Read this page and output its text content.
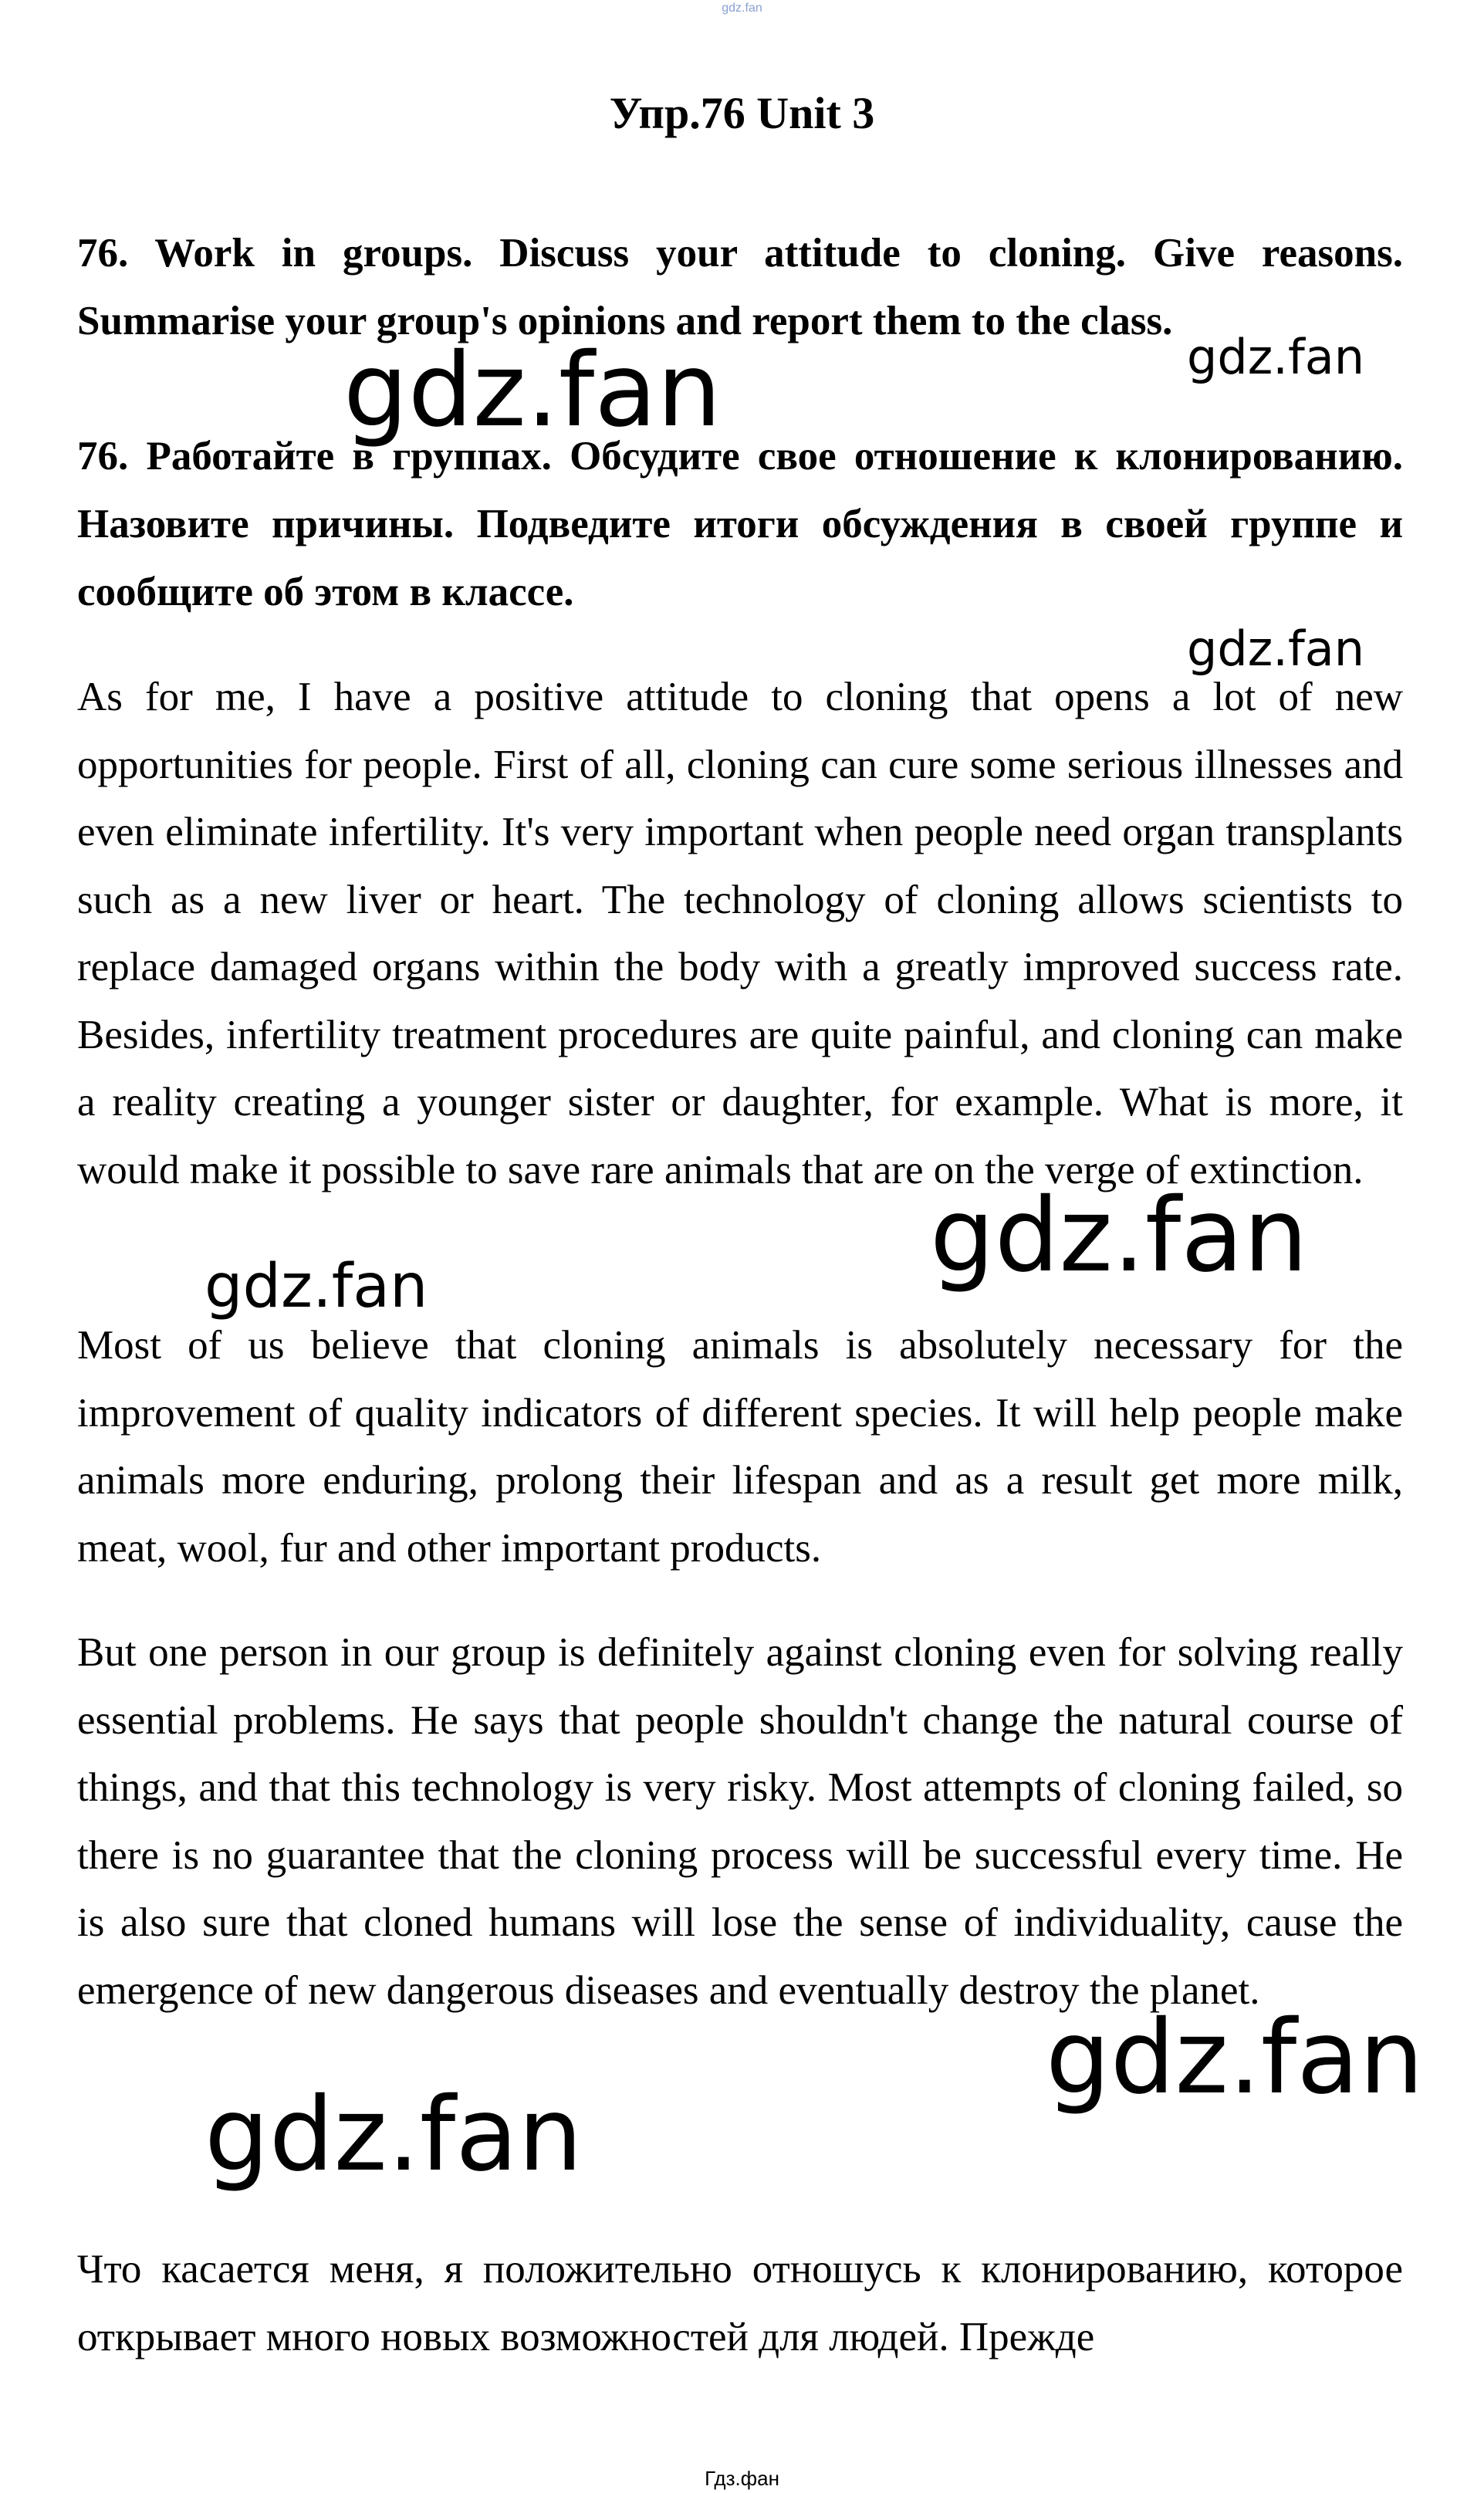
gdz.fan
Упр.76 Unit 3

76. Work in groups. Discuss your attitude to cloning. Give reasons. Summarise your group's opinions and report them to the class.

76. Работайте в группах. Обсудите свое отношение к клонированию. Назовите причины. Подведите итоги обсуждения в своей группе и сообщите об этом в классе.

As for me, I have a positive attitude to cloning that opens a lot of new opportunities for people. First of all, cloning can cure some serious illnesses and even eliminate infertility. It's very important when people need organ transplants such as a new liver or heart. The technology of cloning allows scientists to replace damaged organs within the body with a greatly improved success rate. Besides, infertility treatment procedures are quite painful, and cloning can make a reality creating a younger sister or daughter, for example. What is more, it would make it possible to save rare animals that are on the verge of extinction.

Most of us believe that cloning animals is absolutely necessary for the improvement of quality indicators of different species. It will help people make animals more enduring, prolong their lifespan and as a result get more milk, meat, wool, fur and other important products.

But one person in our group is definitely against cloning even for solving really essential problems. He says that people shouldn't change the natural course of things, and that this technology is very risky. Most attempts of cloning failed, so there is no guarantee that the cloning process will be successful every time. He is also sure that cloned humans will lose the sense of individuality, cause the emergence of new dangerous diseases and eventually destroy the planet.

Что касается меня, я положительно отношусь к клонированию, которое открывает много новых возможностей для людей. Прежде

gdz.fan	gdz.fan
gdz.fan
gdz.fan
gdz.fan
gdz.fan
gdz.fan
Гдз.фан
